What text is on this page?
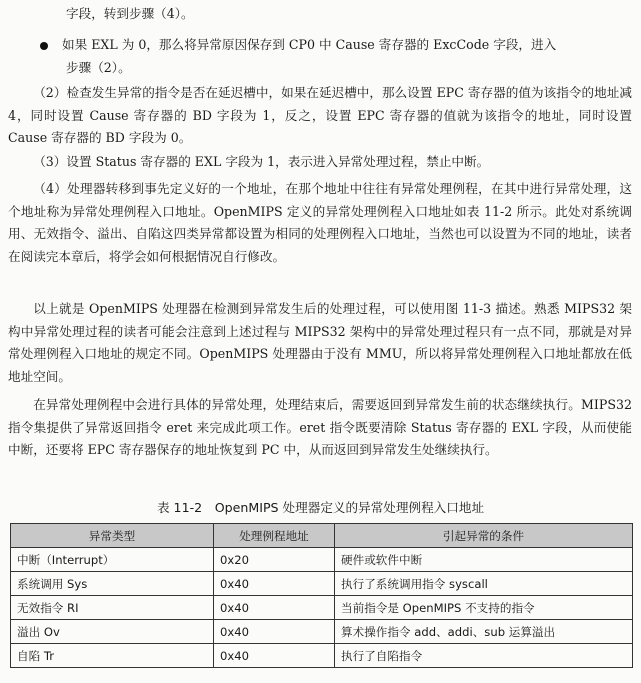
字段，转到步骤（4）。

如果 EXL 为 0，那么将异常原因保存到 CP0 中 Cause 寄存器的 ExcCode 字段，进入

步骤（2）。

（2）检查发生异常的指令是否在延迟槽中，如果在延迟槽中，那么设置 EPC 寄存器的值为该指令的地址减 4，同时设置 Cause 寄存器的 BD 字段为 1，反之，设置 EPC 寄存器的值就为该指令的地址，同时设置 Cause 寄存器的 BD 字段为 0。

（3）设置 Status 寄存器的 EXL 字段为 1，表示进入异常处理过程，禁止中断。

（4）处理器转移到事先定义好的一个地址，在那个地址中往往有异常处理例程，在其中进行异常处理，这个地址称为异常处理例程入口地址。OpenMIPS 定义的异常处理例程入口地址如表 11-2 所示。此处对系统调用、无效指令、溢出、自陷这四类异常都设置为相同的处理例程入口地址，当然也可以设置为不同的地址，读者在阅读完本章后，将学会如何根据情况自行修改。

以上就是 OpenMIPS 处理器在检测到异常发生后的处理过程，可以使用图 11-3 描述。熟悉 MIPS32 架构中异常处理过程的读者可能会注意到上述过程与 MIPS32 架构中的异常处理过程只有一点不同，那就是对异常处理例程入口地址的规定不同。OpenMIPS 处理器由于没有 MMU，所以将异常处理例程入口地址都放在低地址空间。

在异常处理例程中会进行具体的异常处理，处理结束后，需要返回到异常发生前的状态继续执行。MIPS32 指令集提供了异常返回指令 eret 来完成此项工作。eret 指令既要清除 Status 寄存器的 EXL 字段，从而使能中断，还要将 EPC 寄存器保存的地址恢复到 PC 中，从而返回到异常发生处继续执行。

表 11-2　OpenMIPS 处理器定义的异常处理例程入口地址
异常类型	处理例程地址	引起异常的条件
中断（Interrupt）	0x20	硬件或软件中断
系统调用 Sys	0x40	执行了系统调用指令 syscall
无效指令 RI	0x40	当前指令是 OpenMIPS 不支持的指令
溢出 Ov	0x40	算术操作指令 add、addi、sub 运算溢出
自陷 Tr	0x40	执行了自陷指令
